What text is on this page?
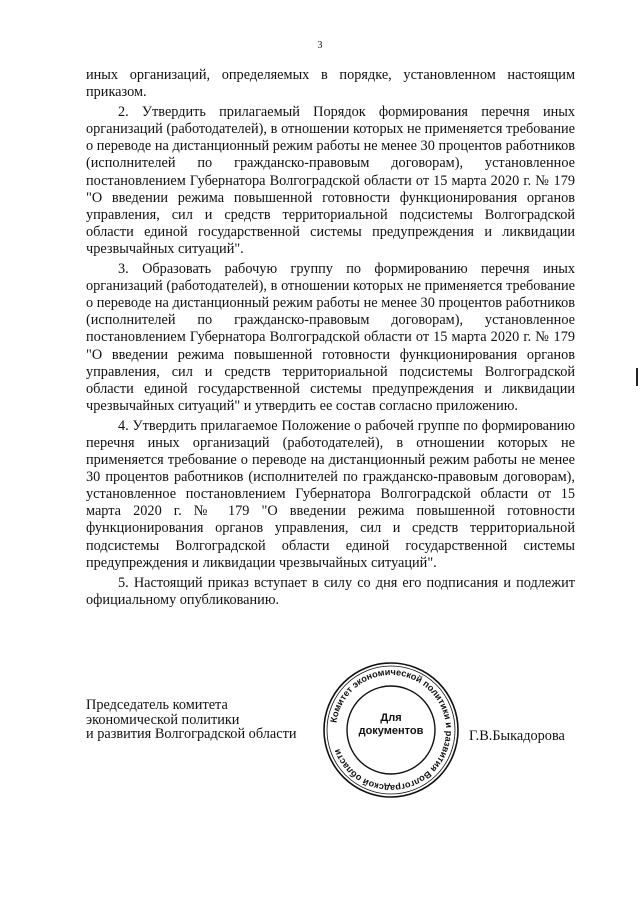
3

иных организаций, определяемых в порядке, установленном настоящим приказом.

2. Утвердить прилагаемый Порядок формирования перечня иных организаций (работодателей), в отношении которых не применяется требование о переводе на дистанционный режим работы не менее 30 процентов работников (исполнителей по гражданско-правовым договорам), установленное постановлением Губернатора Волгоградской области от 15 марта 2020 г. № 179 "О введении режима повышенной готовности функционирования органов управления, сил и средств территориальной подсистемы Волгоградской области единой государственной системы предупреждения и ликвидации чрезвычайных ситуаций".

3. Образовать рабочую группу по формированию перечня иных организаций (работодателей), в отношении которых не применяется требование о переводе на дистанционный режим работы не менее 30 процентов работников (исполнителей по гражданско-правовым договорам), установленное постановлением Губернатора Волгоградской области от 15 марта 2020 г. № 179 "О введении режима повышенной готовности функционирования органов управления, сил и средств территориальной подсистемы Волгоградской области единой государственной системы предупреждения и ликвидации чрезвычайных ситуаций" и утвердить ее состав согласно приложению.

4. Утвердить прилагаемое Положение о рабочей группе по формированию перечня иных организаций (работодателей), в отношении которых не применяется требование о переводе на дистанционный режим работы не менее 30 процентов работников (исполнителей по гражданско-правовым договорам), установленное постановлением Губернатора Волгоградской области от 15 марта 2020 г. № 179 "О введении режима повышенной готовности функционирования органов управления, сил и средств территориальной подсистемы Волгоградской области единой государственной системы предупреждения и ликвидации чрезвычайных ситуаций".

5. Настоящий приказ вступает в силу со дня его подписания и подлежит официальному опубликованию.

Председатель комитета
экономической политики
и развития Волгоградской области
Комитет экономической политики и развития Волгоградской области
Для
документов	Г.В.Быкадорова
